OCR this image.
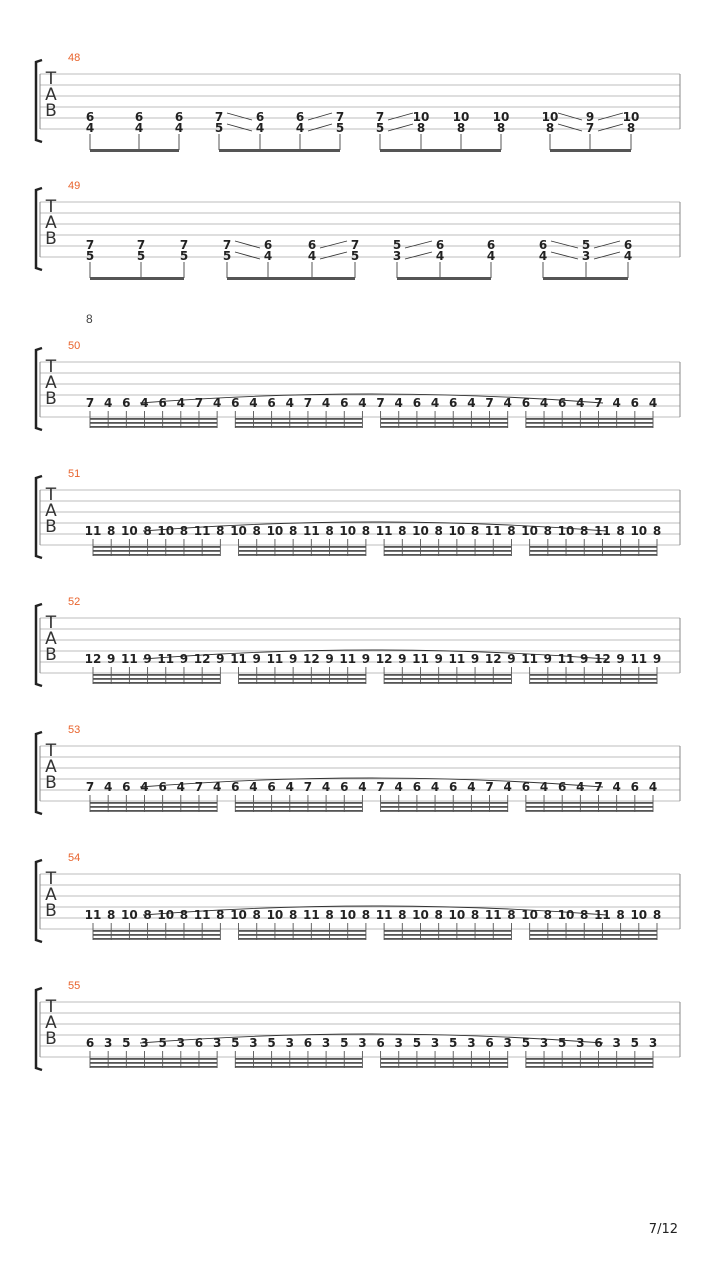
T
A
B 6
4
6
4
6
4
7
5
6
4
6
4
7
5
7
5
10
8
10
8
10
8
10
8
9
7
10
8
T
A
B 7
5
7
5
7
5
7
5
6
4
6
4
7
5
5
3
6
4
6
4
6
4
5
3
6
4
T
A
B 7 4 6 4 6 4 7 4 6 4 6 4 7 4 6 4 7 4 6 4 6 4 7 4 6 4 6 4 7 4 6 4
T
A
B 11 8 10 8 10 8 11 8 10 8 10 8 11 8 10 8 11 8 10 8 10 8 11 8 10 8 10 8 11 8 10 8
T
A
B 12 9 11 9 11 9 12 9 11 9 11 9 12 9 11 9 12 9 11 9 11 9 12 9 11 9 11 9 12 9 11 9
T
A
B 7 4 6 4 6 4 7 4 6 4 6 4 7 4 6 4 7 4 6 4 6 4 7 4 6 4 6 4 7 4 6 4
T
A
B 11 8 10 8 10 8 11 8 10 8 10 8 11 8 10 8 11 8 10 8 10 8 11 8 10 8 10 8 11 8 10 8
T
A
B 6 3 5 3 5 3 6 3 5 3 5 3 6 3 5 3 6 3 5 3 5 3 6 3 5 3 5 3 6 3 5 3
48
49
50
51
52
53
54
55
8
7/12
